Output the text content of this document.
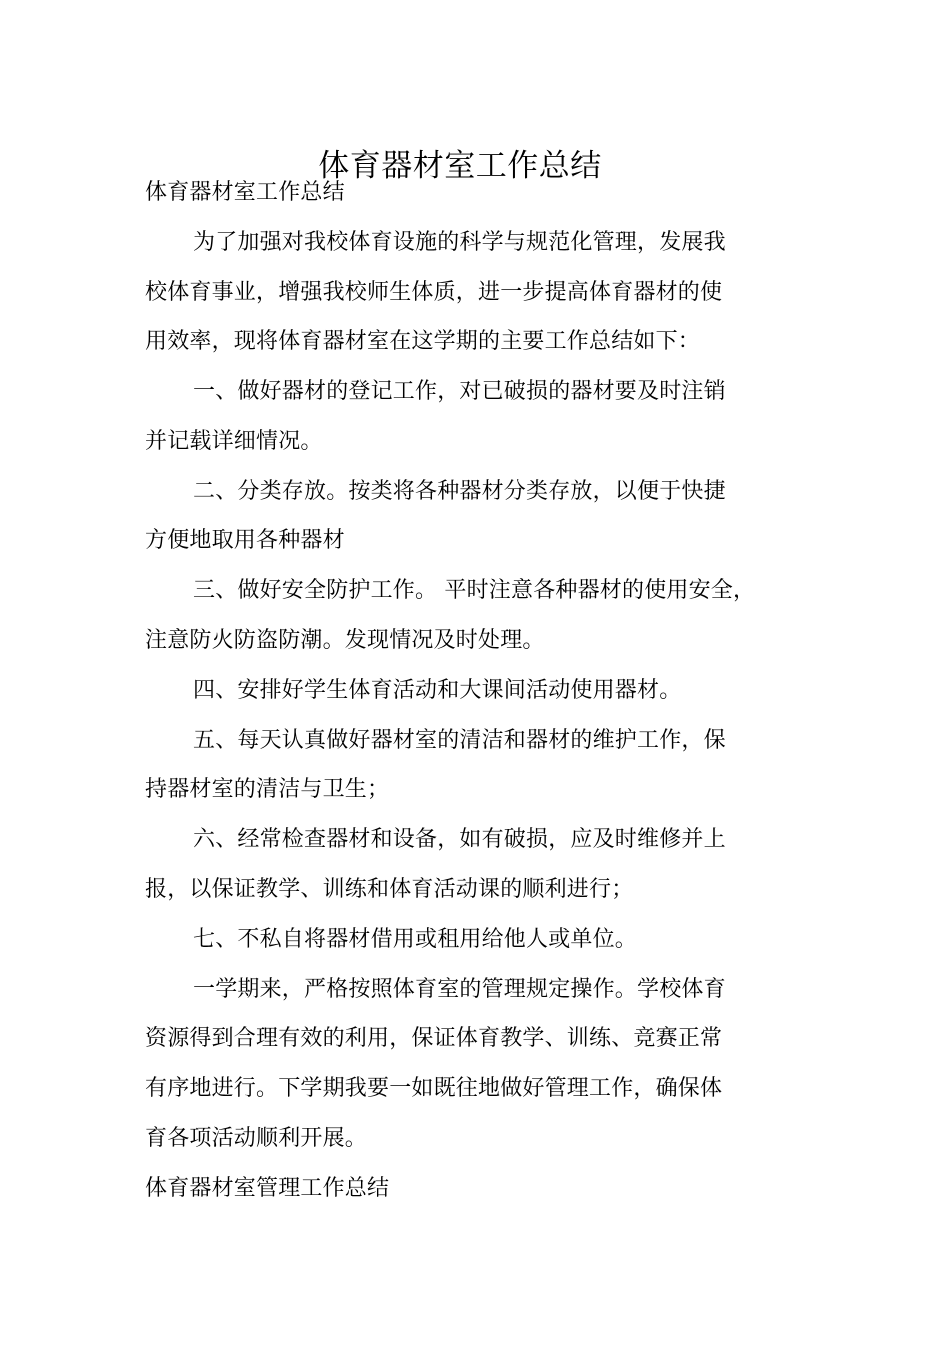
体育器材室工作总结
体育器材室工作总结
为了加强对我校体育设施的科学与规范化管理，发展我
校体育事业，增强我校师生体质，进一步提高体育器材的使
用效率，现将体育器材室在这学期的主要工作总结如下：
一、做好器材的登记工作，对已破损的器材要及时注销
并记载详细情况。
二、分类存放。按类将各种器材分类存放，以便于快捷
方便地取用各种器材
三、做好安全防护工作。 平时注意各种器材的使用安全，
注意防火防盗防潮。发现情况及时处理。
四、安排好学生体育活动和大课间活动使用器材。
五、每天认真做好器材室的清洁和器材的维护工作，保
持器材室的清洁与卫生；
六、经常检查器材和设备，如有破损，应及时维修并上
报，以保证教学、训练和体育活动课的顺利进行；
七、不私自将器材借用或租用给他人或单位。
一学期来，严格按照体育室的管理规定操作。学校体育
资源得到合理有效的利用，保证体育教学、训练、竞赛正常
有序地进行。下学期我要一如既往地做好管理工作，确保体
育各项活动顺利开展。
体育器材室管理工作总结
